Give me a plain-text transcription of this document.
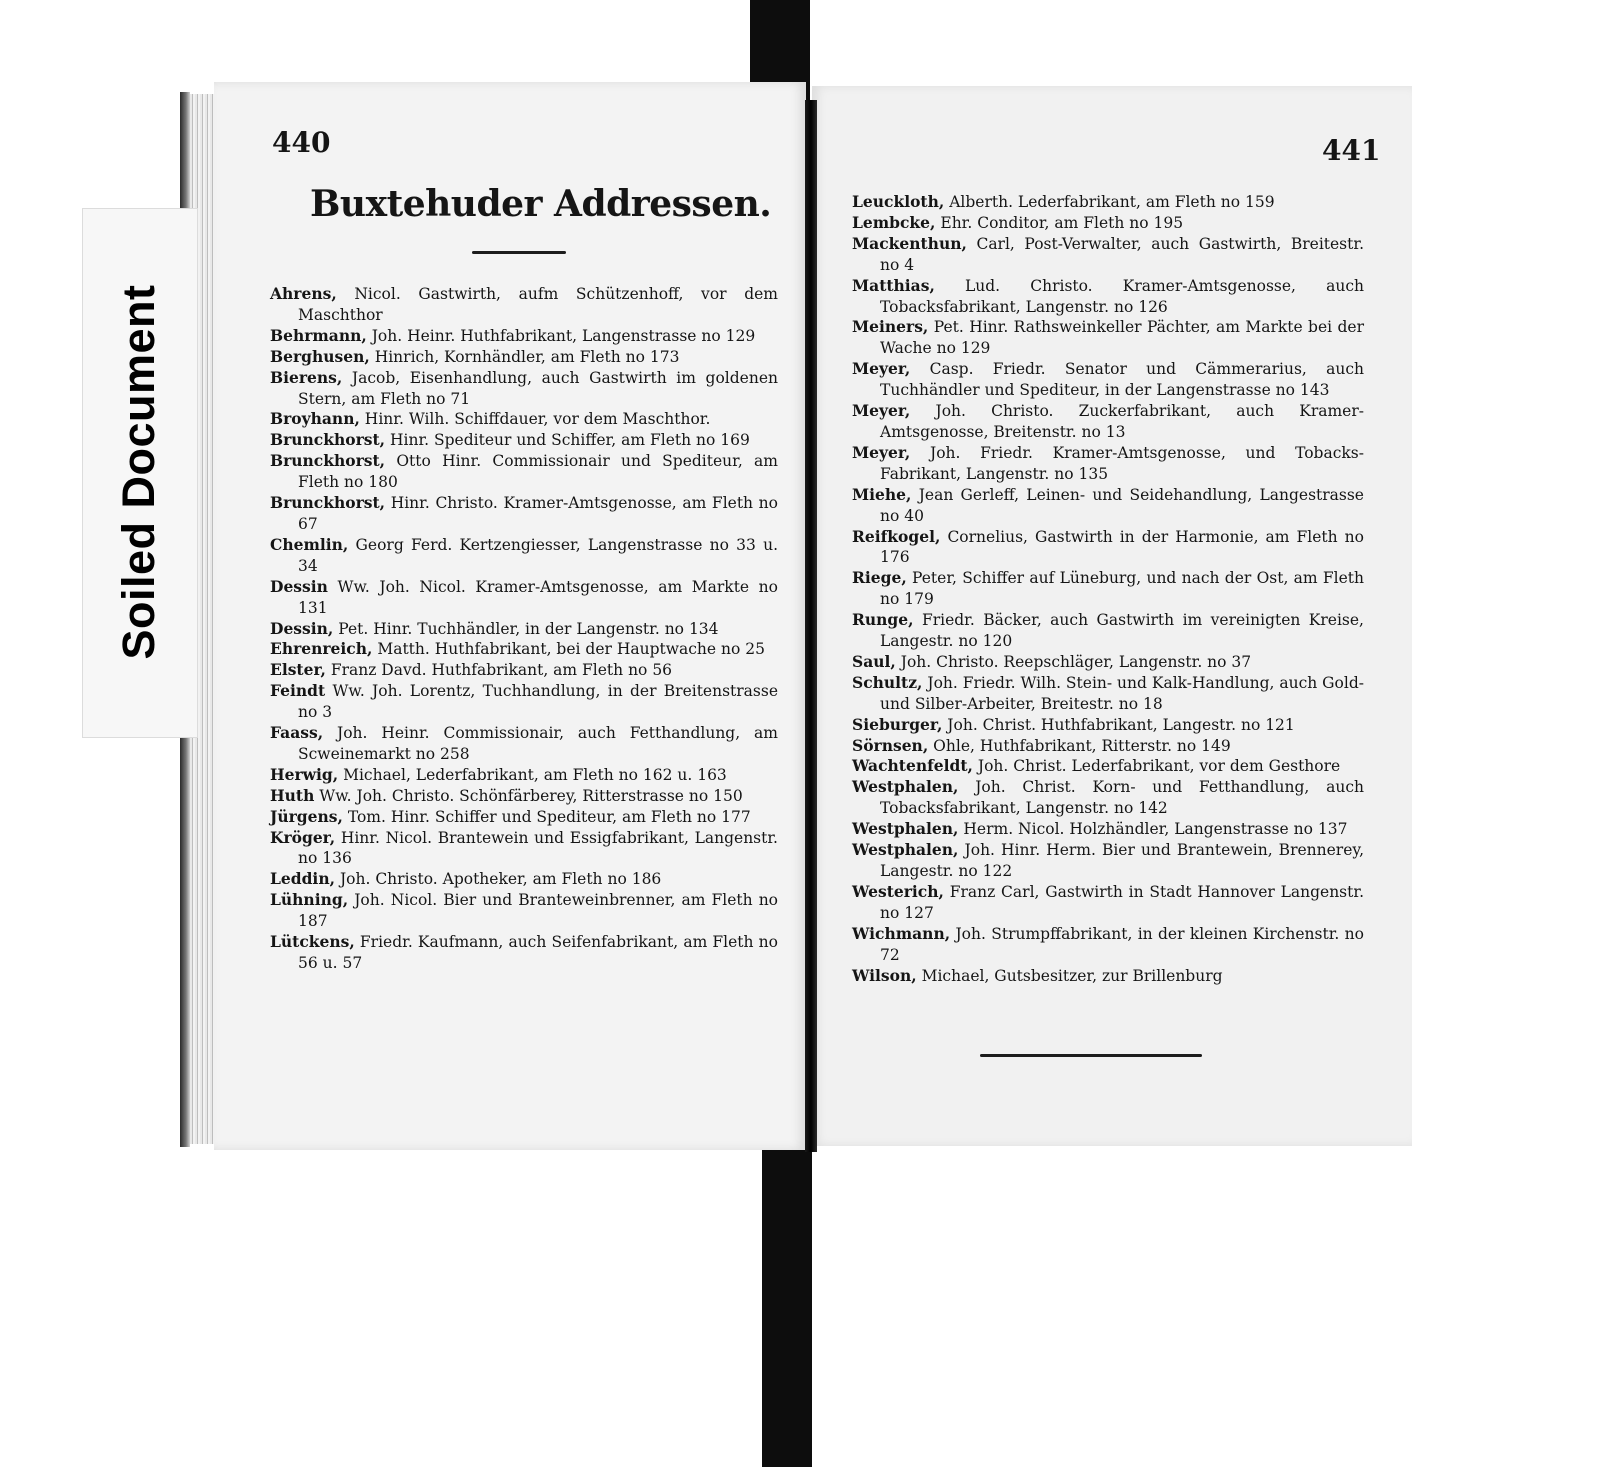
Soiled Document
440	441
Buxtehuder Addressen.
Ahrens, Nicol. Gastwirth, aufm Schützenhoff, vor dem Maschthor
Behrmann, Joh. Heinr. Huthfabrikant, Langenstrasse no 129
Berghusen, Hinrich, Kornhändler, am Fleth no 173
Bierens, Jacob, Eisenhandlung, auch Gastwirth im goldenen Stern, am Fleth no 71
Broyhann, Hinr. Wilh. Schiffdauer, vor dem Maschthor.
Brunckhorst, Hinr. Spediteur und Schiffer, am Fleth no 169
Brunckhorst, Otto Hinr. Commissionair und Spediteur, am Fleth no 180
Brunckhorst, Hinr. Christo. Kramer-Amtsgenosse, am Fleth no 67
Chemlin, Georg Ferd. Kertzengiesser, Langenstrasse no 33 u. 34
Dessin Ww. Joh. Nicol. Kramer-Amtsgenosse, am Markte no 131
Dessin, Pet. Hinr. Tuchhändler, in der Langenstr. no 134
Ehrenreich, Matth. Huthfabrikant, bei der Hauptwache no 25
Elster, Franz Davd. Huthfabrikant, am Fleth no 56
Feindt Ww. Joh. Lorentz, Tuchhandlung, in der Breitenstrasse no 3
Faass, Joh. Heinr. Commissionair, auch Fetthandlung, am Scweinemarkt no 258
Herwig, Michael, Lederfabrikant, am Fleth no 162 u. 163
Huth Ww. Joh. Christo. Schönfärberey, Ritterstrasse no 150
Jürgens, Tom. Hinr. Schiffer und Spediteur, am Fleth no 177
Kröger, Hinr. Nicol. Brantewein und Essigfabrikant, Langenstr. no 136
Leddin, Joh. Christo. Apotheker, am Fleth no 186
Lühning, Joh. Nicol. Bier und Branteweinbrenner, am Fleth no 187
Lütckens, Friedr. Kaufmann, auch Seifenfabrikant, am Fleth no 56 u. 57
Leuckloth, Alberth. Lederfabrikant, am Fleth no 159
Lembcke, Ehr. Conditor, am Fleth no 195
Mackenthun, Carl, Post-Verwalter, auch Gastwirth, Breitestr. no 4
Matthias, Lud. Christo. Kramer-Amtsgenosse, auch Tobacksfabrikant, Langenstr. no 126
Meiners, Pet. Hinr. Rathsweinkeller Pächter, am Markte bei der Wache no 129
Meyer, Casp. Friedr. Senator und Cämmerarius, auch Tuchhändler und Spediteur, in der Langenstrasse no 143
Meyer, Joh. Christo. Zuckerfabrikant, auch Kramer-Amtsgenosse, Breitenstr. no 13
Meyer, Joh. Friedr. Kramer-Amtsgenosse, und Tobacks-Fabrikant, Langenstr. no 135
Miehe, Jean Gerleff, Leinen- und Seidehandlung, Langestrasse no 40
Reifkogel, Cornelius, Gastwirth in der Harmonie, am Fleth no 176
Riege, Peter, Schiffer auf Lüneburg, und nach der Ost, am Fleth no 179
Runge, Friedr. Bäcker, auch Gastwirth im vereinigten Kreise, Langestr. no 120
Saul, Joh. Christo. Reepschläger, Langenstr. no 37
Schultz, Joh. Friedr. Wilh. Stein- und Kalk-Handlung, auch Gold- und Silber-Arbeiter, Breitestr. no 18
Sieburger, Joh. Christ. Huthfabrikant, Langestr. no 121
Sörnsen, Ohle, Huthfabrikant, Ritterstr. no 149
Wachtenfeldt, Joh. Christ. Lederfabrikant, vor dem Gesthore
Westphalen, Joh. Christ. Korn- und Fetthandlung, auch Tobacksfabrikant, Langenstr. no 142
Westphalen, Herm. Nicol. Holzhändler, Langenstrasse no 137
Westphalen, Joh. Hinr. Herm. Bier und Brantewein, Brennerey, Langestr. no 122
Westerich, Franz Carl, Gastwirth in Stadt Hannover Langenstr. no 127
Wichmann, Joh. Strumpffabrikant, in der kleinen Kirchenstr. no 72
Wilson, Michael, Gutsbesitzer, zur Brillenburg
